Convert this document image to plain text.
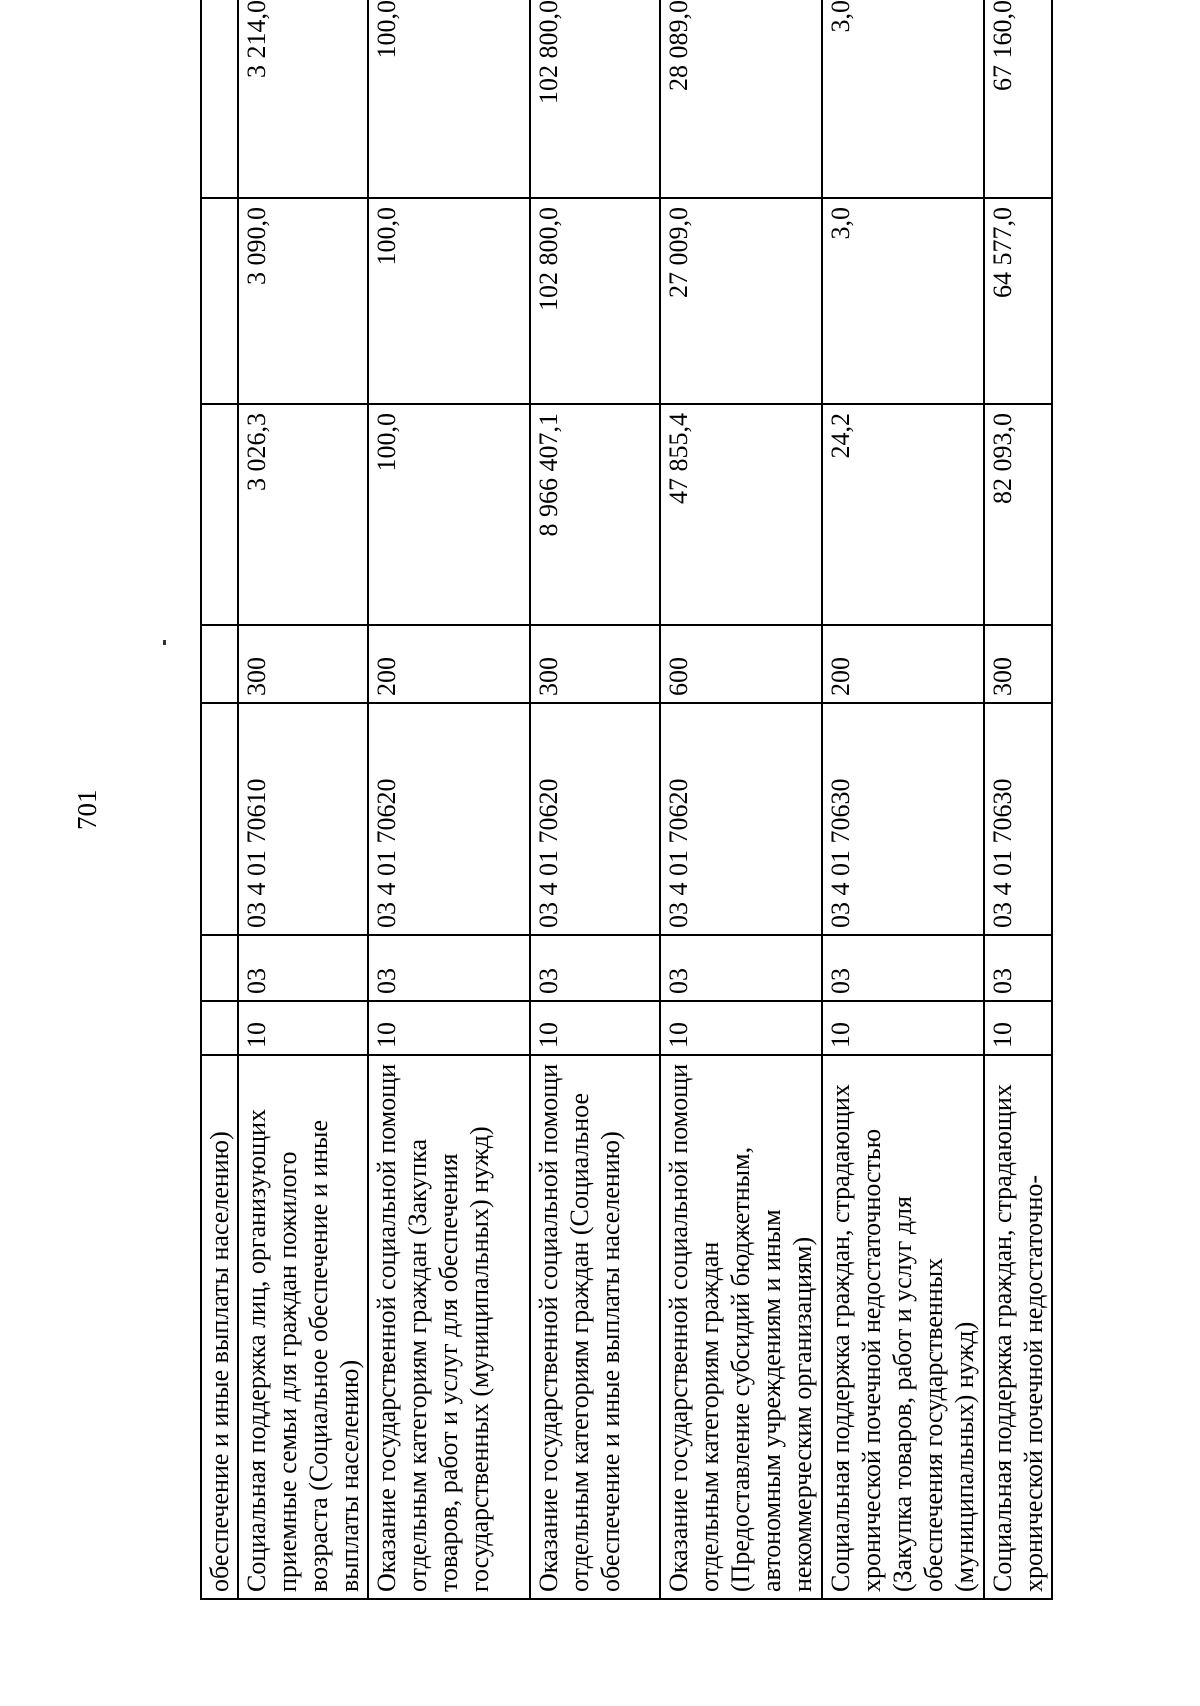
701
обеспечение и иные выплаты населению)							
Социальная поддержка лиц, организующих приемные семьи для граждан пожилого возраста (Социальное обеспечение и иные выплаты населению)	10	03	03 4 01 70610	300	3 026,3	3 090,0	3 214,0
Оказание государственной социальной помощи отдельным категориям граждан (Закупка товаров, работ и услуг для обеспечения государственных (муниципальных) нужд)	10	03	03 4 01 70620	200	100,0	100,0	100,0
Оказание государственной социальной помощи отдельным категориям граждан (Социальное обеспечение и иные выплаты населению)	10	03	03 4 01 70620	300	8 966 407,1	102 800,0	102 800,0
Оказание государственной социальной помощи отдельным категориям граждан (Предоставление субсидий бюджетным, автономным учреждениям и иным некоммерческим организациям)	10	03	03 4 01 70620	600	47 855,4	27 009,0	28 089,0
Социальная поддержка граждан, страдающих хронической почечной недостаточностью (Закупка товаров, работ и услуг для обеспечения государственных (муниципальных) нужд)	10	03	03 4 01 70630	200	24,2	3,0	3,0
Социальная поддержка граждан, страдающих хронической почечной недостаточно-	10	03	03 4 01 70630	300	82 093,0	64 577,0	67 160,0
